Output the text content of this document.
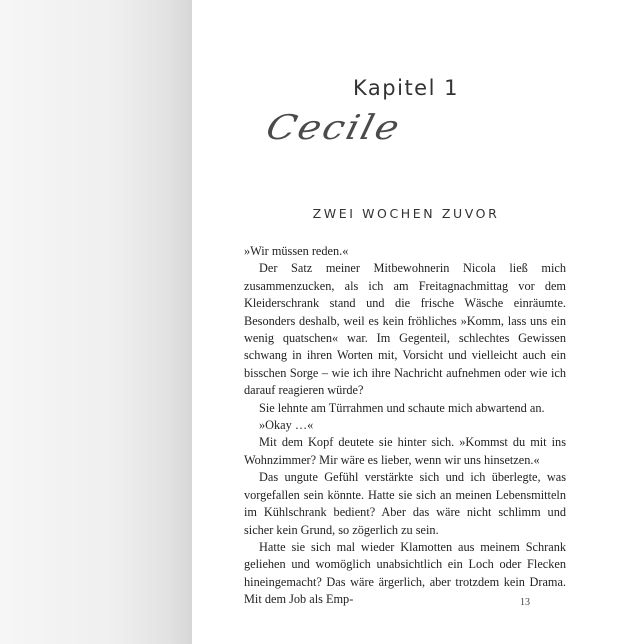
Kapitel 1
Cecile
ZWEI WOCHEN ZUVOR

»Wir müssen reden.«

Der Satz meiner Mitbewohnerin Nicola ließ mich zusammenzucken, als ich am Freitagnachmittag vor dem Kleiderschrank stand und die frische Wäsche einräumte. Besonders deshalb, weil es kein fröhliches »Komm, lass uns ein wenig quatschen« war. Im Gegenteil, schlechtes Gewissen schwang in ihren Worten mit, Vorsicht und vielleicht auch ein bisschen Sorge – wie ich ihre Nachricht aufnehmen oder wie ich darauf reagieren würde?

Sie lehnte am Türrahmen und schaute mich abwartend an.

»Okay …«

Mit dem Kopf deutete sie hinter sich. »Kommst du mit ins Wohnzimmer? Mir wäre es lieber, wenn wir uns hinsetzen.«

Das ungute Gefühl verstärkte sich und ich überlegte, was vorgefallen sein könnte. Hatte sie sich an meinen Lebensmitteln im Kühlschrank bedient? Aber das wäre nicht schlimm und sicher kein Grund, so zögerlich zu sein.

Hatte sie sich mal wieder Klamotten aus meinem Schrank geliehen und womöglich unabsichtlich ein Loch oder Flecken hineingemacht? Das wäre ärgerlich, aber trotzdem kein Drama. Mit dem Job als Emp-	13
